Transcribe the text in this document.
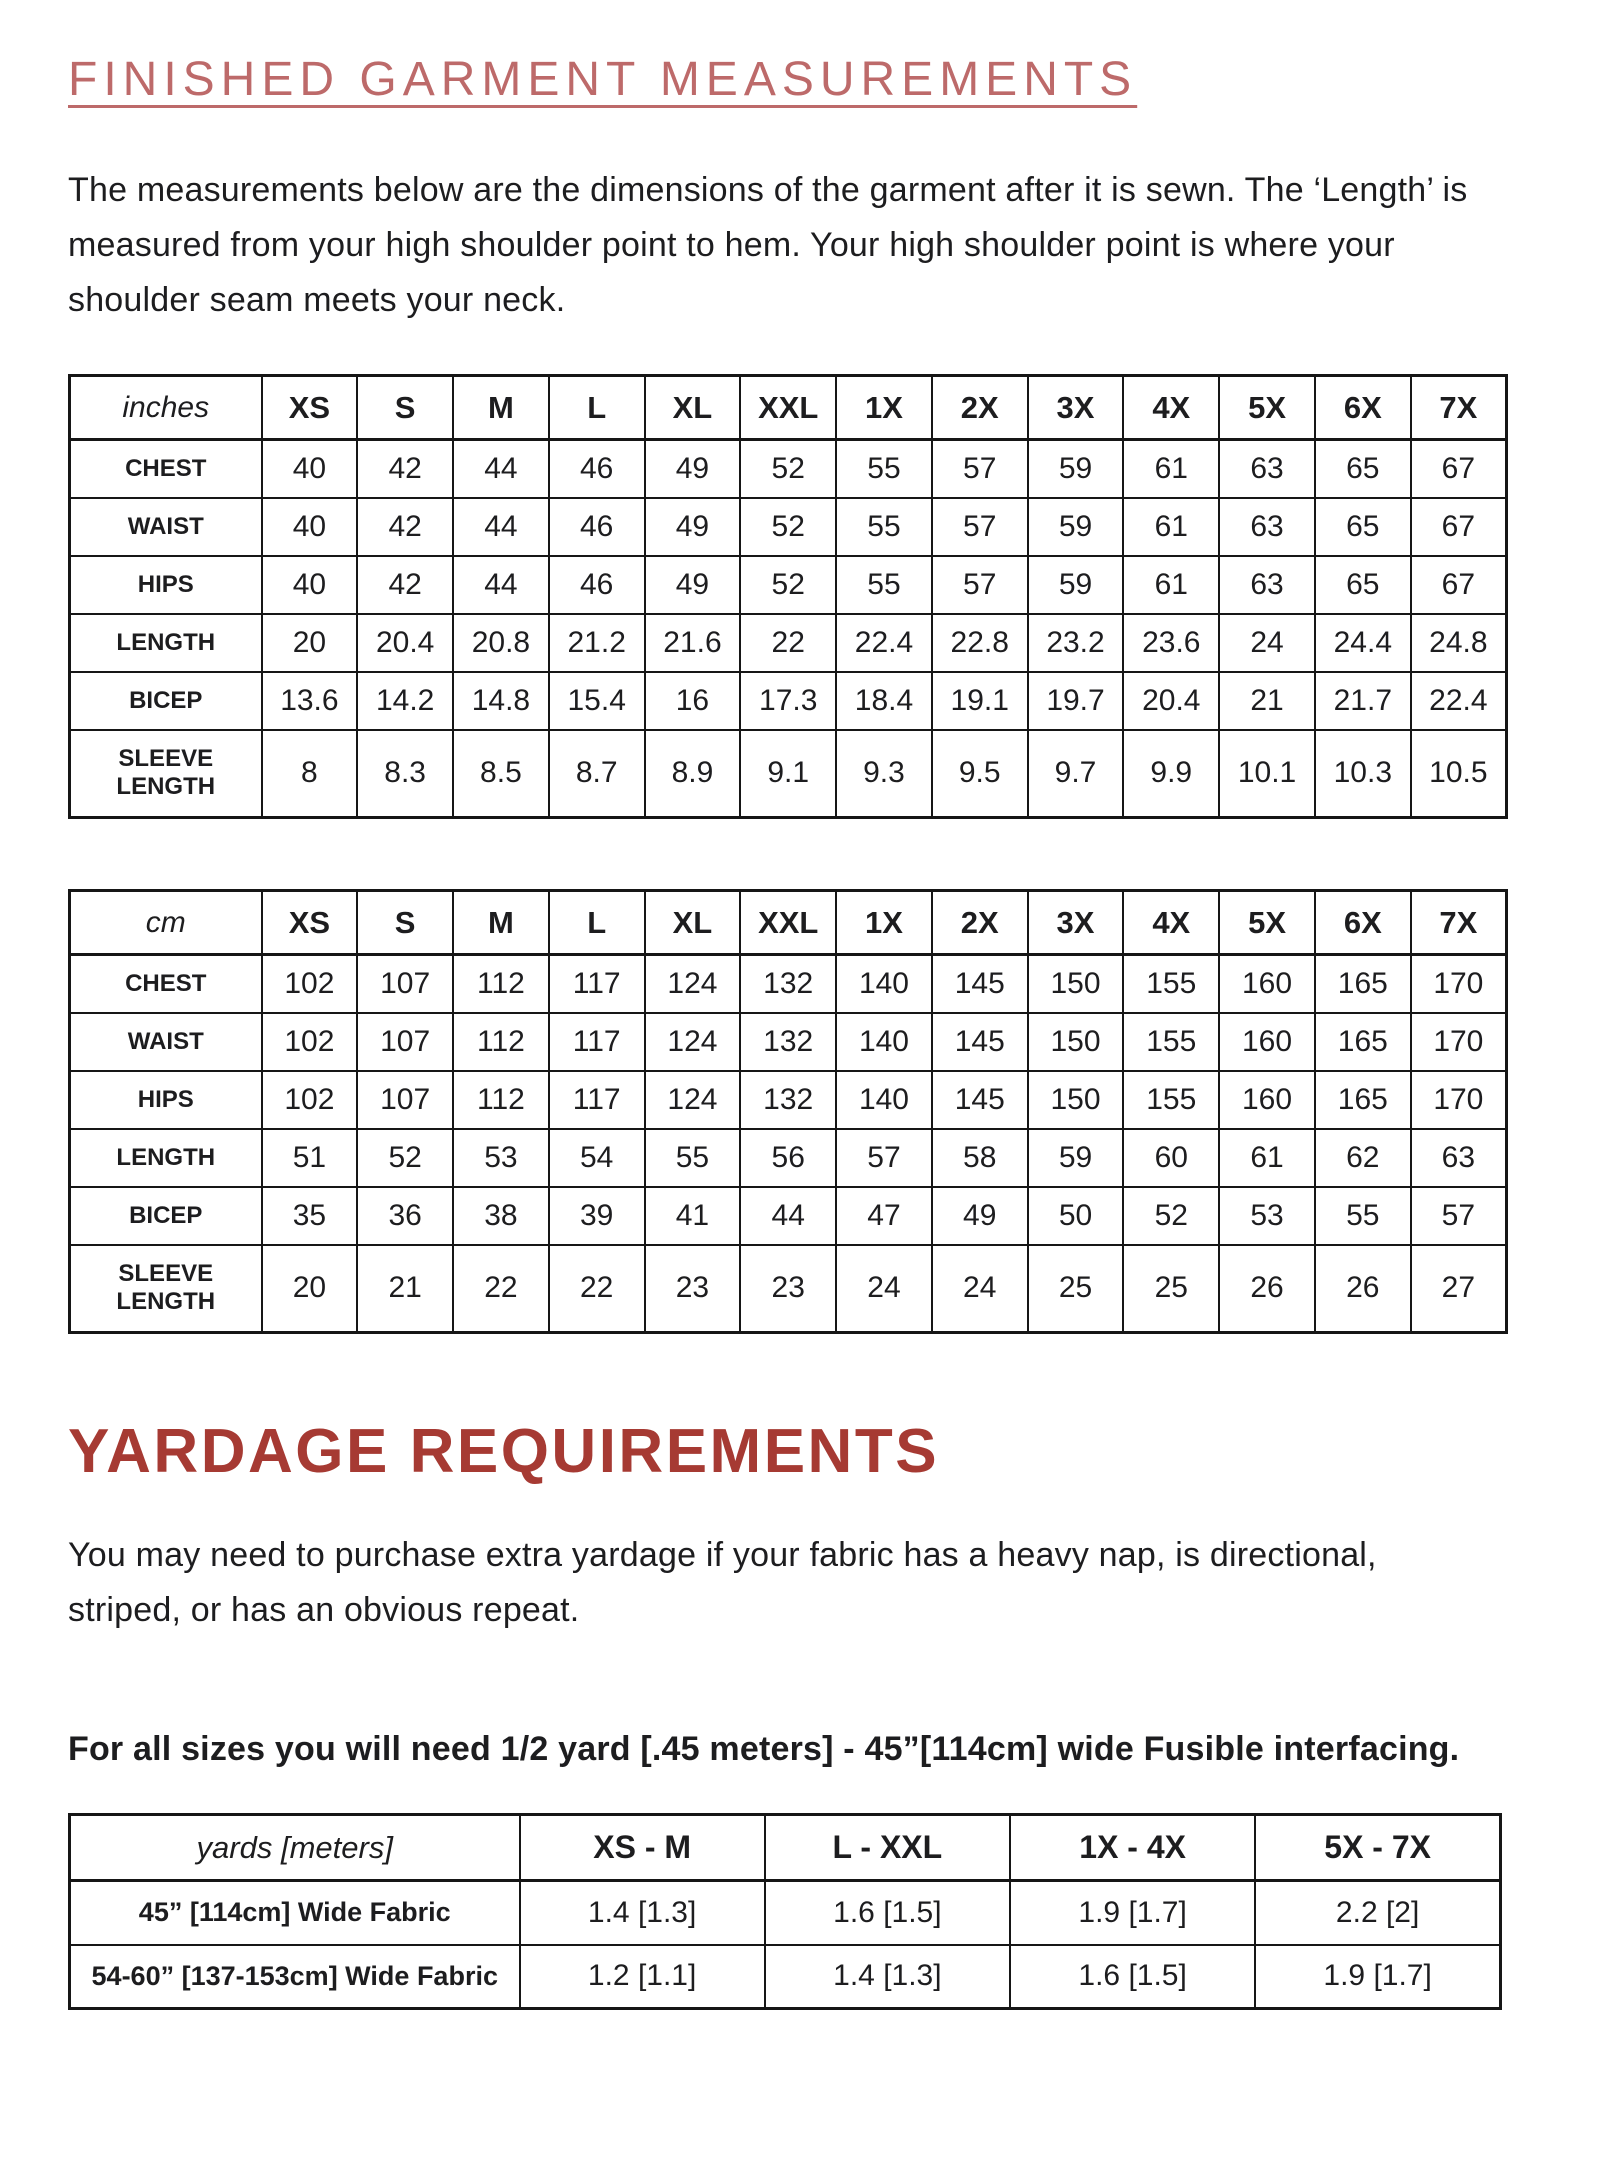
FINISHED GARMENT MEASUREMENTS

The measurements below are the dimensions of the garment after it is sewn. The ‘Length’ is measured from your high shoulder point to hem. Your high shoulder point is where your shoulder seam meets your neck.

inches	XS	S	M	L	XL	XXL	1X	2X	3X	4X	5X	6X	7X
CHEST	40	42	44	46	49	52	55	57	59	61	63	65	67
WAIST	40	42	44	46	49	52	55	57	59	61	63	65	67
HIPS	40	42	44	46	49	52	55	57	59	61	63	65	67
LENGTH	20	20.4	20.8	21.2	21.6	22	22.4	22.8	23.2	23.6	24	24.4	24.8
BICEP	13.6	14.2	14.8	15.4	16	17.3	18.4	19.1	19.7	20.4	21	21.7	22.4
SLEEVE LENGTH	8	8.3	8.5	8.7	8.9	9.1	9.3	9.5	9.7	9.9	10.1	10.3	10.5
cm	XS	S	M	L	XL	XXL	1X	2X	3X	4X	5X	6X	7X
CHEST	102	107	112	117	124	132	140	145	150	155	160	165	170
WAIST	102	107	112	117	124	132	140	145	150	155	160	165	170
HIPS	102	107	112	117	124	132	140	145	150	155	160	165	170
LENGTH	51	52	53	54	55	56	57	58	59	60	61	62	63
BICEP	35	36	38	39	41	44	47	49	50	52	53	55	57
SLEEVE LENGTH	20	21	22	22	23	23	24	24	25	25	26	26	27
YARDAGE REQUIREMENTS

You may need to purchase extra yardage if your fabric has a heavy nap, is directional, striped, or has an obvious repeat.

For all sizes you will need 1/2 yard [.45 meters] - 45”[114cm] wide Fusible interfacing.

yards [meters]	XS - M	L - XXL	1X - 4X	5X - 7X
45” [114cm] Wide Fabric	1.4 [1.3]	1.6 [1.5]	1.9 [1.7]	2.2 [2]
54-60” [137-153cm] Wide Fabric	1.2 [1.1]	1.4 [1.3]	1.6 [1.5]	1.9 [1.7]
